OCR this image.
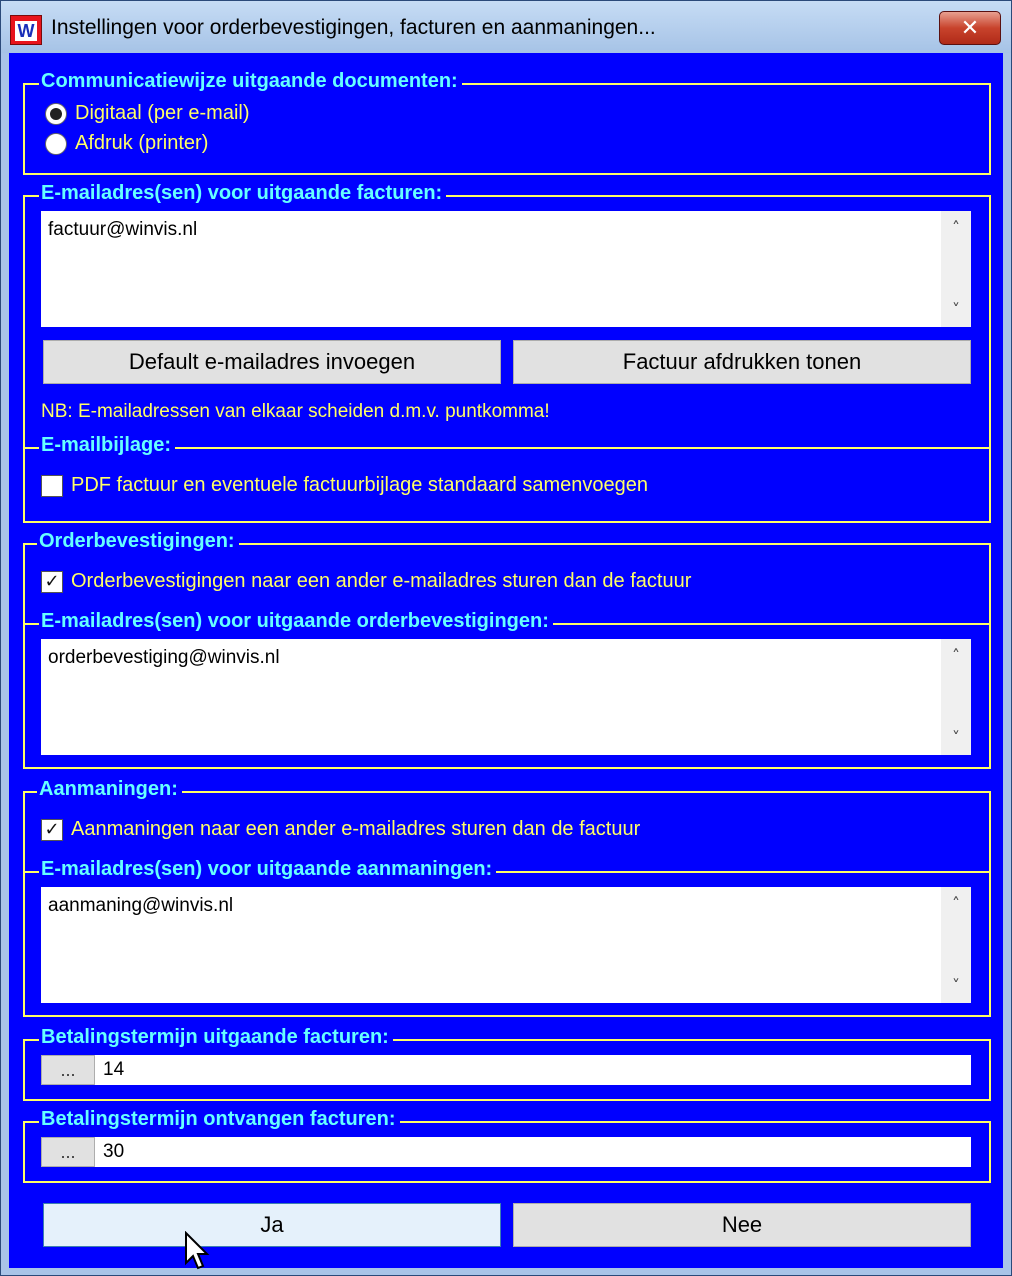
W Instellingen voor orderbevestigingen, facturen en aanmaningen...	✕
Communicatiewijze uitgaande documenten:
Digitaal (per e-mail)
Afdruk (printer)
E-mailadres(sen) voor uitgaande facturen:
factuur@winvis.nl	˄
˅
Default e-mailadres invoegen	Factuur afdrukken tonen
NB: E-mailadressen van elkaar scheiden d.m.v. puntkomma!
E-mailbijlage:
PDF factuur en eventuele factuurbijlage standaard samenvoegen
Orderbevestigingen:
✓ Orderbevestigingen naar een ander e-mailadres sturen dan de factuur
E-mailadres(sen) voor uitgaande orderbevestigingen:
orderbevestiging@winvis.nl	˄
˅
Aanmaningen:
✓ Aanmaningen naar een ander e-mailadres sturen dan de factuur
E-mailadres(sen) voor uitgaande aanmaningen:
aanmaning@winvis.nl	˄
˅
Betalingstermijn uitgaande facturen:
...	14
Betalingstermijn ontvangen facturen:
...	30
Ja	Nee
